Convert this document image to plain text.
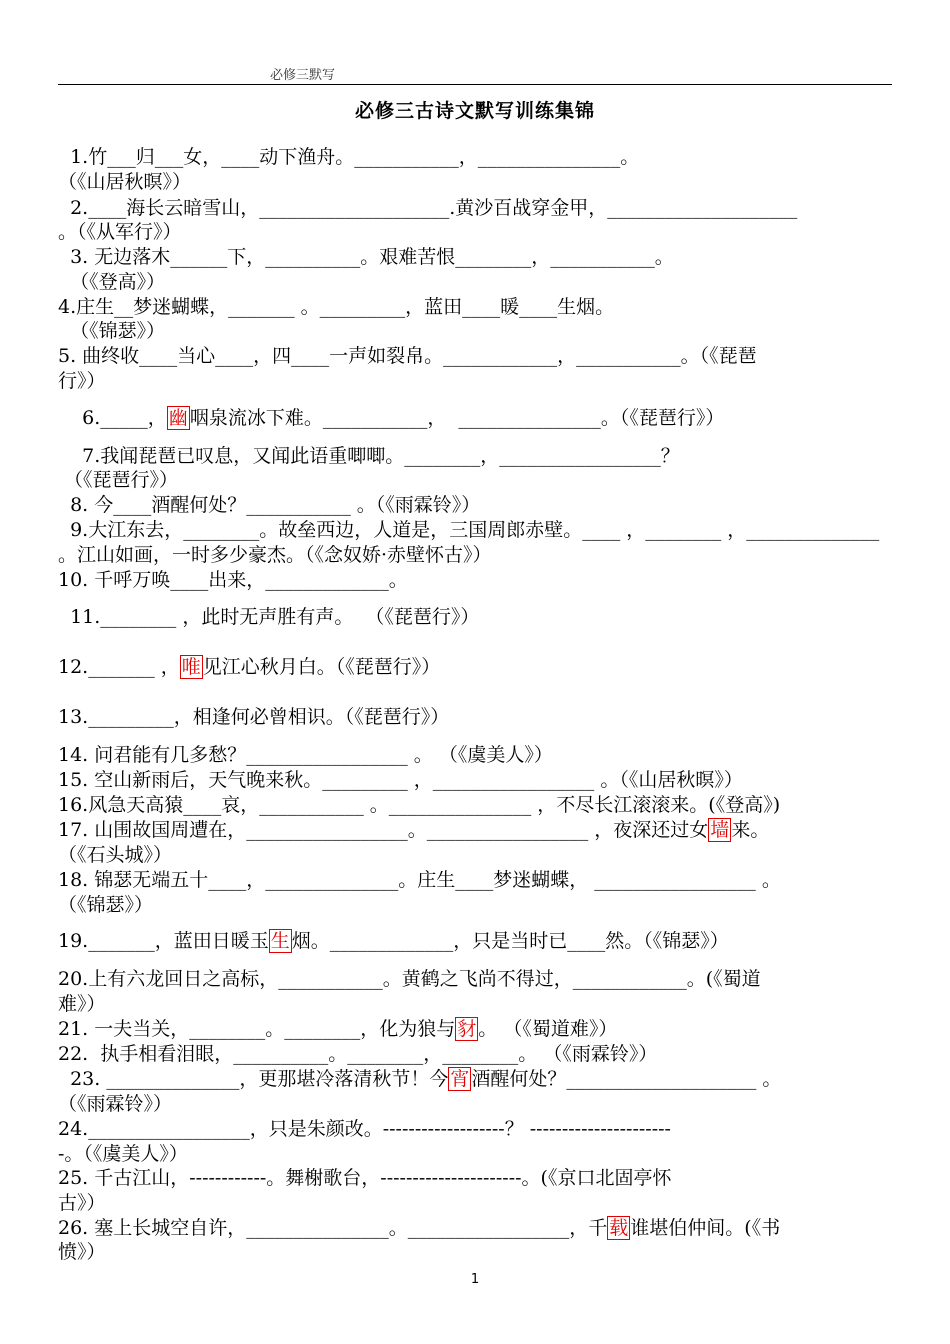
必修三默写
必修三古诗文默写训练集锦
1.竹___归___女，____动下渔舟。___________，_______________。
（《山居秋暝》）
2.____海长云暗雪山，____________________.黄沙百战穿金甲，____________________
。（《从军行》）
3. 无边落木______下，__________。艰难苦恨________，___________。
（《登高》）
4.庄生__梦迷蝴蝶，_______ 。_________，蓝田____暖____生烟。
（《锦瑟》）
5. 曲终收____当心____，四____一声如裂帛。____________，___________。（《琵琶
行》）
6._____， 幽 咽泉流冰下难。___________，  _______________。（《琵琶行》）
7.我闻琵琶已叹息，又闻此语重唧唧。________，_________________？
（《琵琶行》）
8. 今____酒醒何处？___________ 。（《雨霖铃》）
9.大江东去，________。故垒西边，人道是，三国周郎赤壁。____ ，________ ，______________
。江山如画，一时多少豪杰。（《念奴娇·赤壁怀古》）
10. 千呼万唤____出来，_____________。
11.________ ，此时无声胜有声。  （《琵琶行》）
12._______ ， 唯 见江心秋月白。（《琵琶行》）
13._________，相逢何必曾相识。（《琵琶行》）
14. 问君能有几多愁？_________________ 。 （《虞美人》）
15. 空山新雨后，天气晚来秋。_________ ，_________________ 。（《山居秋暝》）
16.风急天高猿____哀，___________ 。_______________ ，不尽长江滚滚来。(《登高》)
17. 山围故国周遭在，_________________。_________________ ，夜深还过女 墙 来。
（《石头城》）
18. 锦瑟无端五十____，______________。庄生____梦迷蝴蝶， _________________ 。
（《锦瑟》）
19._______，蓝田日暖玉 生 烟。_____________，只是当时已____然。（《锦瑟》）
20.上有六龙回日之高标，___________。黄鹤之飞尚不得过，____________。(《蜀道
难》）
21. 一夫当关，________。________，化为狼与 豺 。 （《蜀道难》）
22.  执手相看泪眼，__________。________，________。 （《雨霖铃》）
23. ______________，更那堪冷落清秋节！今 宵 酒醒何处？____________________ 。
（《雨霖铃》）
24._________________，只是朱颜改。-------------------？ ----------------------
-。（《虞美人》）
25. 千古江山，------------。舞榭歌台，----------------------。(《京口北固亭怀
古》）
26. 塞上长城空自许，_______________。_________________，千 载 谁堪伯仲间。(《书
愤》）
1
